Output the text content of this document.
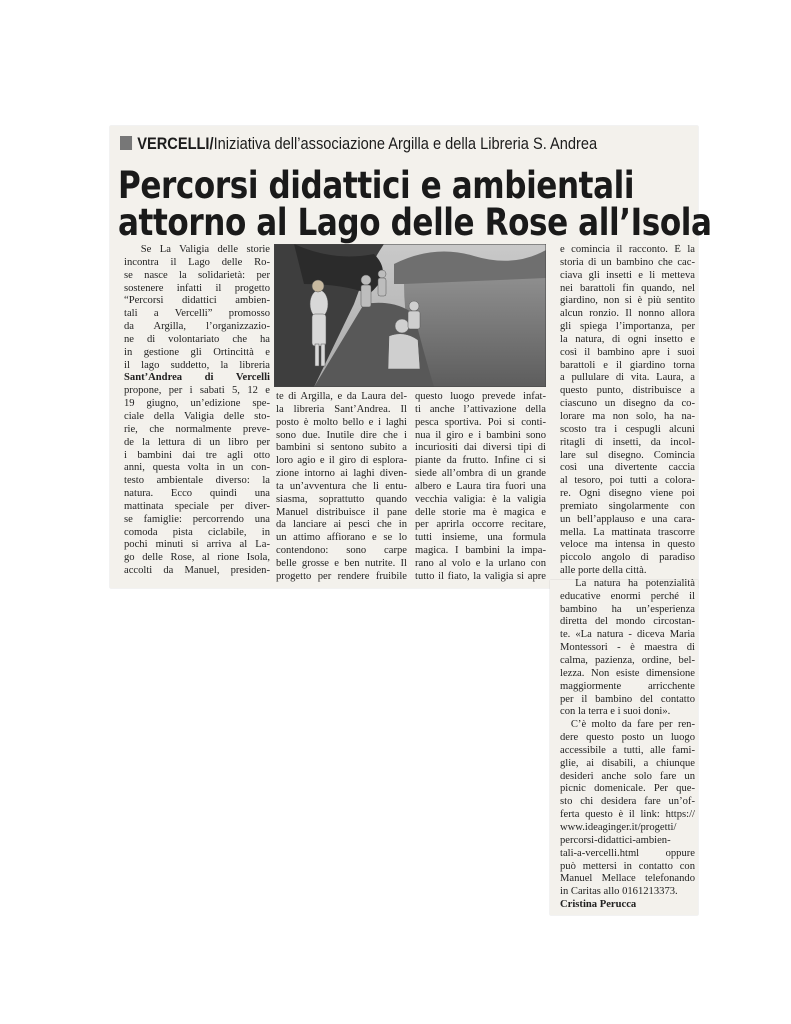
VERCELLI/Iniziativa dell’associazione Argilla e della Libreria S. Andrea
Percorsi didattici e ambientali
attorno al Lago delle Rose all’Isola
Se La Valigia delle storie
incontra il Lago delle Ro-
se nasce la solidarietà: per
sostenere infatti il progetto
“Percorsi didattici ambien-
tali a Vercelli” promosso
da Argilla, l’organizzazio-
ne di volontariato che ha
in gestione gli Ortincittà e
il lago suddetto, la libreria
Sant’Andrea di Vercelli
propone, per i sabati 5, 12 e
19 giugno, un’edizione spe-
ciale della Valigia delle sto-
rie, che normalmente preve-
de la lettura di un libro per
i bambini dai tre agli otto
anni, questa volta in un con-
testo ambientale diverso: la
natura. Ecco quindi una
mattinata speciale per diver-
se famiglie: percorrendo una
comoda pista ciclabile, in
pochi minuti si arriva al La-
go delle Rose, al rione Isola,
accolti da Manuel, presiden-
te di Argilla, e da Laura del-
la libreria Sant’Andrea. Il
posto è molto bello e i laghi
sono due. Inutile dire che i
bambini si sentono subito a
loro agio e il giro di esplora-
zione intorno ai laghi diven-
ta un’avventura che li entu-
siasma, soprattutto quando
Manuel distribuisce il pane
da lanciare ai pesci che in
un attimo affiorano e se lo
contendono: sono carpe
belle grosse e ben nutrite. Il
progetto per rendere fruibile
questo luogo prevede infat-
ti anche l’attivazione della
pesca sportiva. Poi si conti-
nua il giro e i bambini sono
incuriositi dai diversi tipi di
piante da frutto. Infine ci si
siede all’ombra di un grande
albero e Laura tira fuori una
vecchia valigia: è la valigia
delle storie ma è magica e
per aprirla occorre recitare,
tutti insieme, una formula
magica. I bambini la impa-
rano al volo e la urlano con
tutto il fiato, la valigia si apre
e comincia il racconto. È la
storia di un bambino che cac-
ciava gli insetti e li metteva
nei barattoli fin quando, nel
giardino, non si è più sentito
alcun ronzio. Il nonno allora
gli spiega l’importanza, per
la natura, di ogni insetto e
così il bambino apre i suoi
barattoli e il giardino torna
a pullulare di vita. Laura, a
questo punto, distribuisce a
ciascuno un disegno da co-
lorare ma non solo, ha na-
scosto tra i cespugli alcuni
ritagli di insetti, da incol-
lare sul disegno. Comincia
così una divertente caccia
al tesoro, poi tutti a colora-
re. Ogni disegno viene poi
premiato singolarmente con
un bell’applauso e una cara-
mella. La mattinata trascorre
veloce ma intensa in questo
piccolo angolo di paradiso
alle porte della città.
La natura ha potenzialità
educative enormi perché il
bambino ha un’esperienza
diretta del mondo circostan-
te. «La natura - diceva Maria
Montessori - è maestra di
calma, pazienza, ordine, bel-
lezza. Non esiste dimensione
maggiormente arricchente
per il bambino del contatto
con la terra e i suoi doni».
C’è molto da fare per ren-
dere questo posto un luogo
accessibile a tutti, alle fami-
glie, ai disabili, a chiunque
desideri anche solo fare un
picnic domenicale. Per que-
sto chi desidera fare un’of-
ferta questo è il link: https://
www.ideaginger.it/progetti/
percorsi-didattici-ambien-
tali-a-vercelli.html oppure
può mettersi in contatto con
Manuel Mellace telefonando
in Caritas allo 0161213373.
Cristina Perucca
